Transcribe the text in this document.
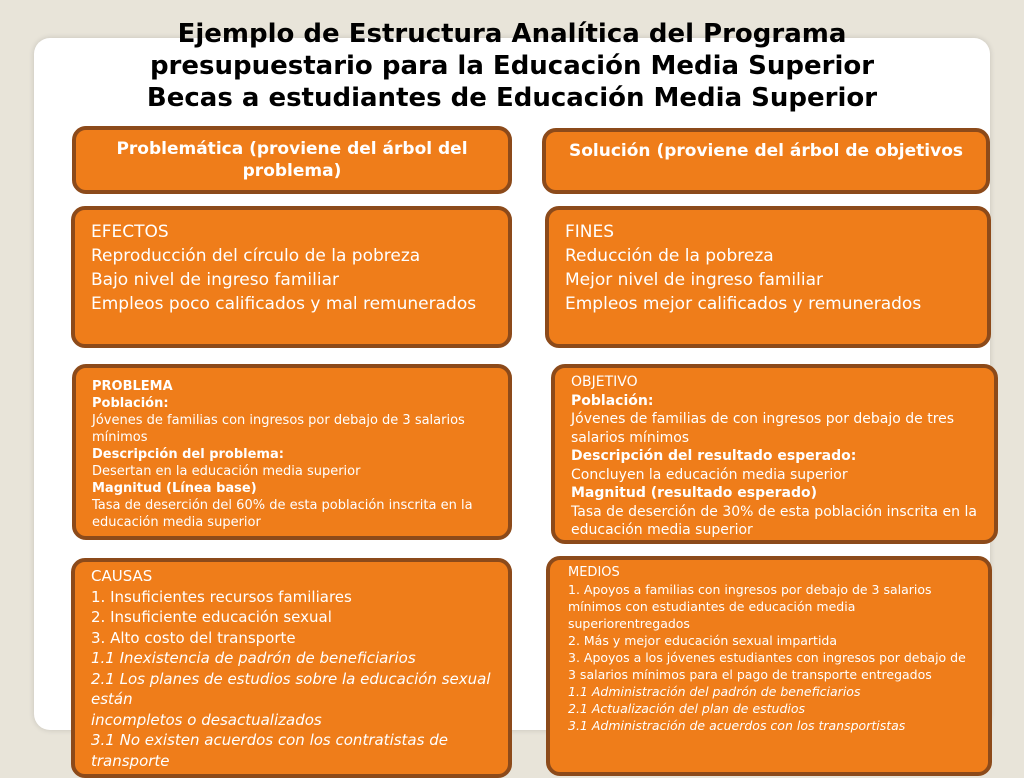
Ejemplo de Estructura Analítica del Programa
presupuestario para la Educación Media Superior
Becas a estudiantes de Educación Media Superior
Problemática (proviene del árbol del problema)
EFECTOS
Reproducción del círculo de la pobreza
Bajo nivel de ingreso familiar
Empleos poco calificados y mal remunerados
PROBLEMA
Población:
Jóvenes de familias con ingresos por debajo de 3 salarios mínimos
Descripción del problema:
Desertan en la educación media superior
Magnitud (Línea base)
Tasa de deserción del 60% de esta población inscrita en la educación media superior
CAUSAS
1. Insuficientes recursos familiares
2. Insuficiente educación sexual
3. Alto costo del transporte
1.1 Inexistencia de padrón de beneficiarios
2.1 Los planes de estudios sobre la educación sexual están
incompletos o desactualizados
3.1 No existen acuerdos con los contratistas de transporte
Solución (proviene del árbol de objetivos
FINES
Reducción de la pobreza
Mejor nivel de ingreso familiar
Empleos mejor calificados y remunerados
OBJETIVO
Población:
Jóvenes de familias de con ingresos por debajo de tres salarios mínimos
Descripción del resultado esperado:
Concluyen la educación media superior
Magnitud (resultado esperado)
Tasa de deserción de 30% de esta población inscrita en la educación media superior
MEDIOS
1. Apoyos a familias con ingresos por debajo de 3 salarios mínimos con estudiantes de educación media superiorentregados
2. Más y mejor educación sexual impartida
3. Apoyos a los jóvenes estudiantes con ingresos por debajo de
3 salarios mínimos para el pago de transporte entregados
1.1 Administración del padrón de beneficiarios
2.1 Actualización del plan de estudios
3.1 Administración de acuerdos con los transportistas
